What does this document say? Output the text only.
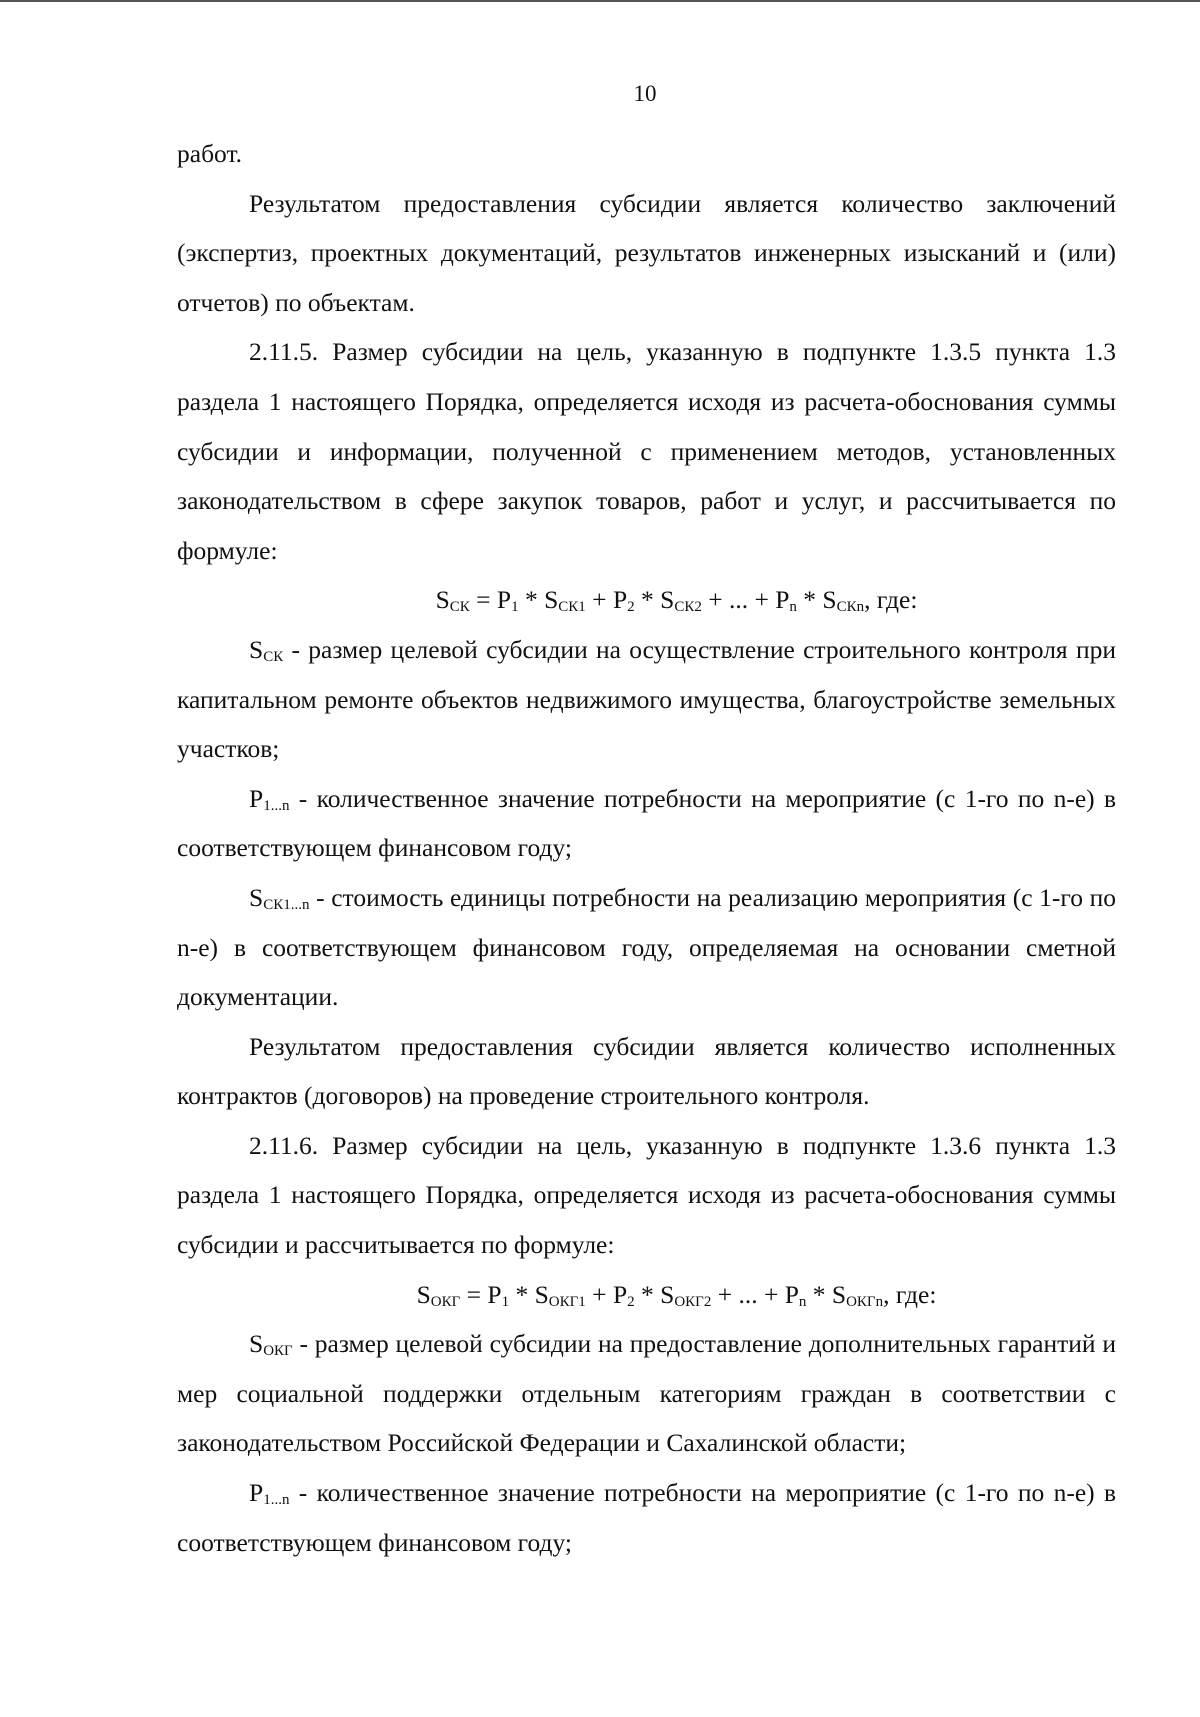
10

работ.

Результатом предоставления субсидии является количество заключений (экспертиз, проектных документаций, результатов инженерных изысканий и (или) отчетов) по объектам.

2.11.5. Размер субсидии на цель, указанную в подпункте 1.3.5 пункта 1.3 раздела 1 настоящего Порядка, определяется исходя из расчета-обоснования суммы субсидии и информации, полученной с применением методов, установленных законодательством в сфере закупок товаров, работ и услуг, и рассчитывается по формуле:

$S_{СК} = P_1 * S_{СК1} + P_2 * S_{СК2}$ + ... + $P_n * S_{СКn}$, где:

$S_{СК}$ - размер целевой субсидии на осуществление строительного контроля при капитальном ремонте объектов недвижимого имущества, благоустройстве земельных участков;

$P_{1...n}$ - количественное значение потребности на мероприятие (с 1-го по n-е) в соответствующем финансовом году;

$S_{СК1...n}$ - стоимость единицы потребности на реализацию мероприятия (с 1-го по n-е) в соответствующем финансовом году, определяемая на основании сметной документации.

Результатом предоставления субсидии является количество исполненных контрактов (договоров) на проведение строительного контроля.

2.11.6. Размер субсидии на цель, указанную в подпункте 1.3.6 пункта 1.3 раздела 1 настоящего Порядка, определяется исходя из расчета-обоснования суммы субсидии и рассчитывается по формуле:

$S_{ОКГ} = P_1 * S_{ОКГ1} + P_2 * S_{ОКГ2}$ + ... + $P_n * S_{ОКГn}$, где:

$S_{ОКГ}$ - размер целевой субсидии на предоставление дополнительных гарантий и мер социальной поддержки отдельным категориям граждан в соответствии с законодательством Российской Федерации и Сахалинской области;

$P_{1...n}$ - количественное значение потребности на мероприятие (с 1-го по n-е) в соответствующем финансовом году;
